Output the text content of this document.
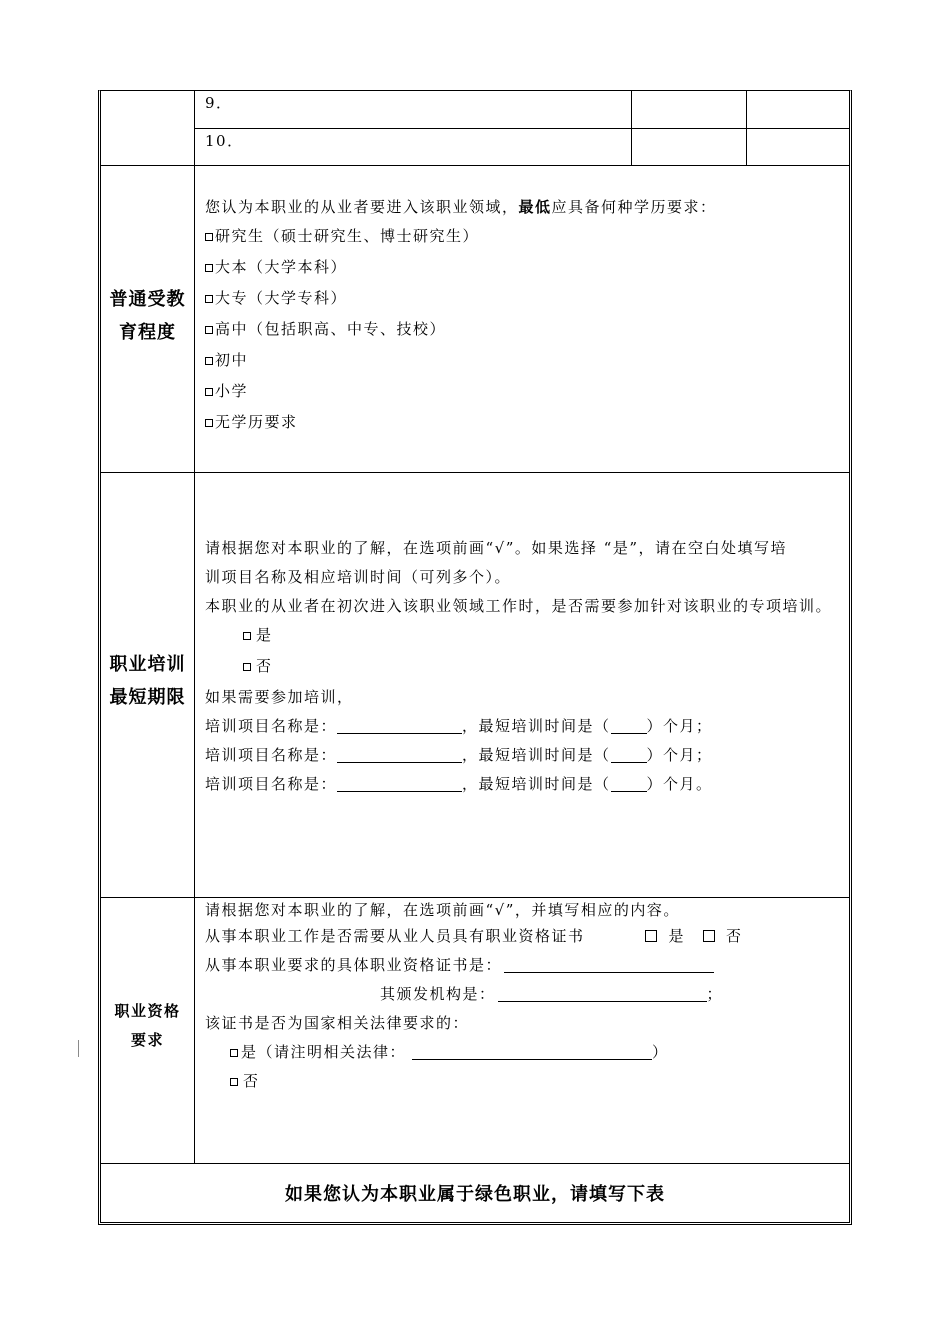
9．
10．
普通受教
育程度
您认为本职业的从业者要进入该职业领域，最低应具备何种学历要求：
研究生（硕士研究生、博士研究生）
大本（大学本科）
大专（大学专科）
高中（包括职高、中专、技校）
初中
小学
无学历要求
职业培训
最短期限
请根据您对本职业的了解，在选项前画“√”。如果选择 “是”，请在空白处填写培
训项目名称及相应培训时间（可列多个）。
本职业的从业者在初次进入该职业领域工作时，是否需要参加针对该职业的专项培训。
是
否
如果需要参加培训，
培训项目名称是：	，最短培训时间是（ ）个月；
培训项目名称是：	，最短培训时间是（ ）个月；
培训项目名称是：	，最短培训时间是（ ）个月。
职业资格
要求
请根据您对本职业的了解，在选项前画“√”，并填写相应的内容。
从事本职业工作是否需要从业人员具有职业资格证书	是	否
从事本职业要求的具体职业资格证书是：
其颁发机构是：	；
该证书是否为国家相关法律要求的：
是（请注明相关法律：	）
否
如果您认为本职业属于绿色职业，请填写下表
